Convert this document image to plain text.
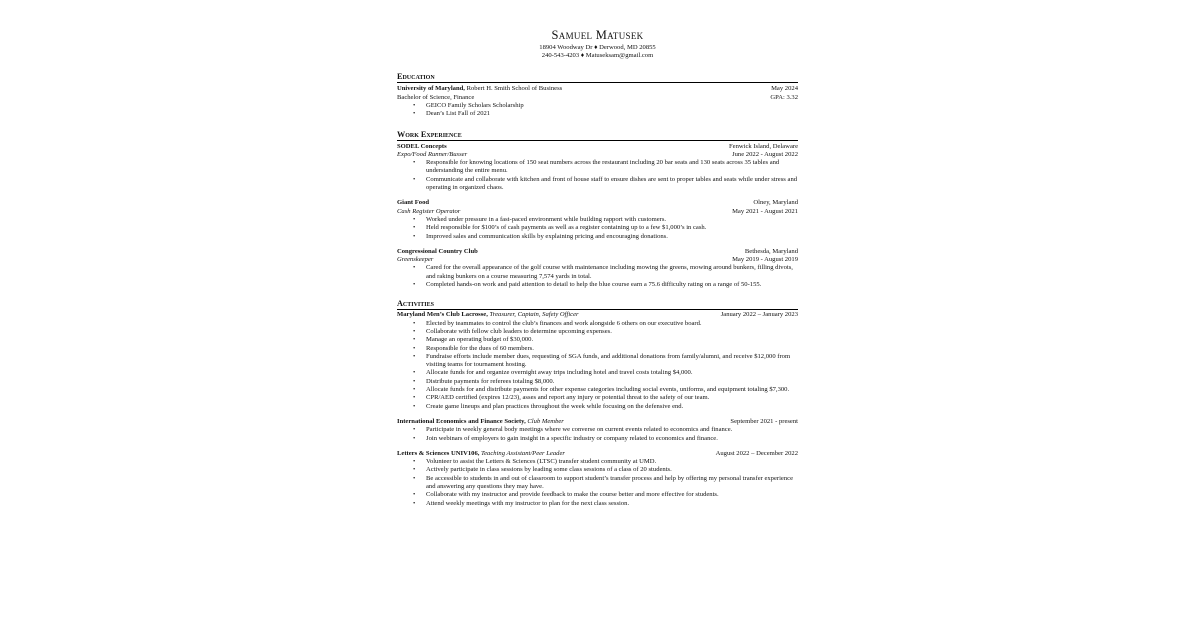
Samuel Matusek
18904 Woodway Dr ♦ Derwood, MD 20855
240-543-4203 ♦ Matuseksam@gmail.com
Education
University of Maryland, Robert H. Smith School of Business	May 2024
Bachelor of Science, Finance	GPA: 3.32
• GEICO Family Scholars Scholarship
• Dean’s List Fall of 2021
Work Experience
SODEL Concepts	Fenwick Island, Delaware
Expo/Food Runner/Busser	June 2022 - August 2022
• Responsible for knowing locations of 150 seat numbers across the restaurant including 20 bar seats and 130 seats across 35 tables and understanding the entire menu.
• Communicate and collaborate with kitchen and front of house staff to ensure dishes are sent to proper tables and seats while under stress and operating in organized chaos.
Giant Food	Olney, Maryland
Cash Register Operator	May 2021 - August 2021
• Worked under pressure in a fast-paced environment while building rapport with customers.
• Held responsible for $100’s of cash payments as well as a register containing up to a few $1,000’s in cash.
• Improved sales and communication skills by explaining pricing and encouraging donations.
Congressional Country Club	Bethesda, Maryland
Greenskeeper	May 2019 - August 2019
• Cared for the overall appearance of the golf course with maintenance including mowing the greens, mowing around bunkers, filling divots, and raking bunkers on a course measuring 7,574 yards in total.
• Completed hands-on work and paid attention to detail to help the blue course earn a 75.6 difficulty rating on a range of 50-155.
Activities
Maryland Men’s Club Lacrosse, Treasurer, Captain, Safety Officer	January 2022 – January 2023
• Elected by teammates to control the club’s finances and work alongside 6 others on our executive board.
• Collaborate with fellow club leaders to determine upcoming expenses.
• Manage an operating budget of $30,000.
• Responsible for the dues of 60 members.
• Fundraise efforts include member dues, requesting of SGA funds, and additional donations from family/alumni, and receive $12,000 from visiting teams for tournament hosting.
• Allocate funds for and organize overnight away trips including hotel and travel costs totaling $4,000.
• Distribute payments for referees totaling $8,000.
• Allocate funds for and distribute payments for other expense categories including social events, uniforms, and equipment totaling $7,300.
• CPR/AED certified (expires 12/23), asses and report any injury or potential threat to the safety of our team.
• Create game lineups and plan practices throughout the week while focusing on the defensive end.
International Economics and Finance Society, Club Member	September 2021 - present
• Participate in weekly general body meetings where we converse on current events related to economics and finance.
• Join webinars of employers to gain insight in a specific industry or company related to economics and finance.
Letters & Sciences UNIV106, Teaching Assistant/Peer Leader	August 2022 – December 2022
• Volunteer to assist the Letters & Sciences (LTSC) transfer student community at UMD.
• Actively participate in class sessions by leading some class sessions of a class of 20 students.
• Be accessible to students in and out of classroom to support student’s transfer process and help by offering my personal transfer experience and answering any questions they may have.
• Collaborate with my instructor and provide feedback to make the course better and more effective for students.
• Attend weekly meetings with my instructor to plan for the next class session.
